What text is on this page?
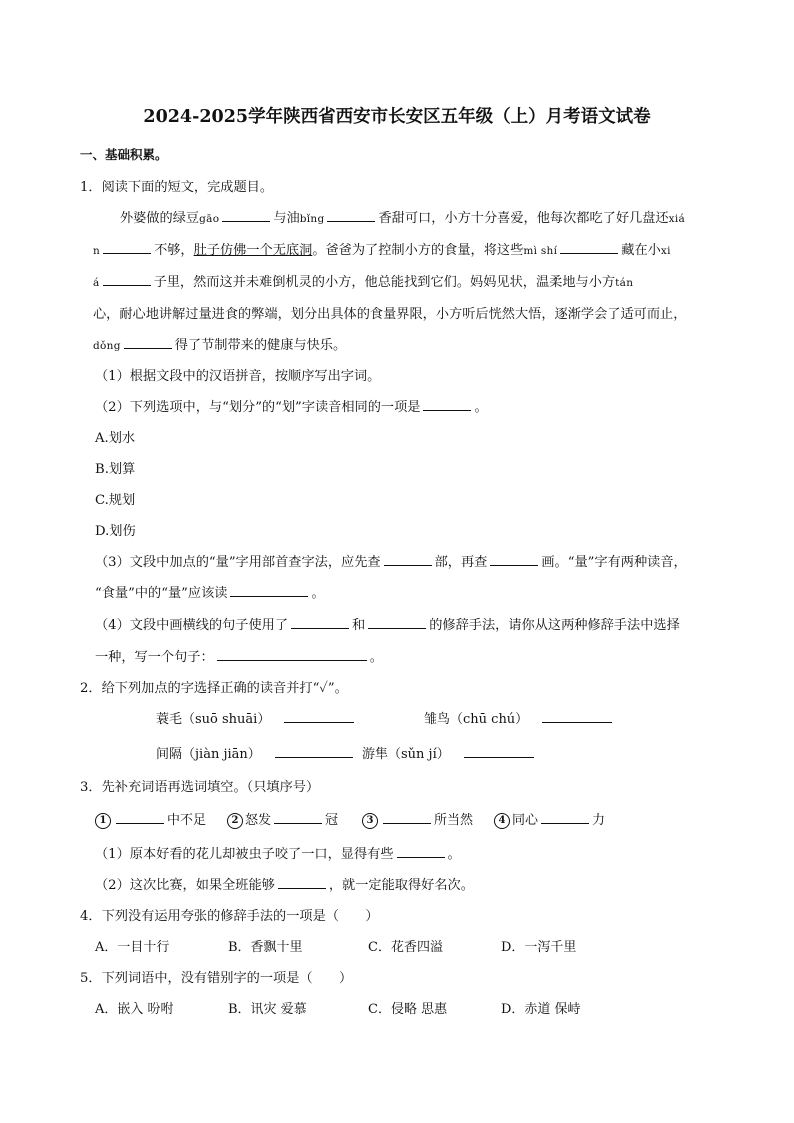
2024-2025学年陕西省西安市长安区五年级（上）月考语文试卷
一、基础积累。
1．阅读下面的短文，完成题目。
外婆做的绿豆gāo	与油bǐng	香甜可口，小方十分喜爱，他每次都吃了好几盘还xiá
n	不够，肚子仿佛一个无底洞。爸爸为了控制小方的食量，将这些mì shí	藏在小xi
á	子里，然而这并未难倒机灵的小方，他总能找到它们。妈妈见状，温柔地与小方tán
心，耐心地讲解过量进食的弊端，划分出具体的食量界限，小方听后恍然大悟，逐渐学会了适可而止，
dǒng	得了节制带来的健康与快乐。
（1）根据文段中的汉语拼音，按顺序写出字词。
（2）下列选项中，与“划分”的“划”字读音相同的一项是	。
A.划水
B.划算
C.规划
D.划伤
（3）文段中加点的“量”字用部首查字法，应先查	部，再查	画。“量”字有两种读音，
“食量”中的“量”应该读	。
（4）文段中画横线的句子使用了	和	的修辞手法，请你从这两种修辞手法中选择
一种，写一个句子：	。
2．给下列加点的字选择正确的读音并打“✓”。
蓑毛（suō shuāi）	雏鸟（chū chú）
间隔（jiàn jiān）	游隼（sǔn jí）
3．先补充词语再选词填空。（只填序号）
1	中不足	2 怒发	冠	3	所当然	4 同心	力
（1）原本好看的花儿却被虫子咬了一口，显得有些	。
（2）这次比赛，如果全班能够	，就一定能取得好名次。
4．下列没有运用夸张的修辞手法的一项是（　　）
A．一目十行	B．香飘十里	C．花香四溢	D．一泻千里
5．下列词语中，没有错别字的一项是（　　）
A．嵌入 吩咐	B．讯灾 爱慕	C．侵略 思惠	D．赤道 保峙
